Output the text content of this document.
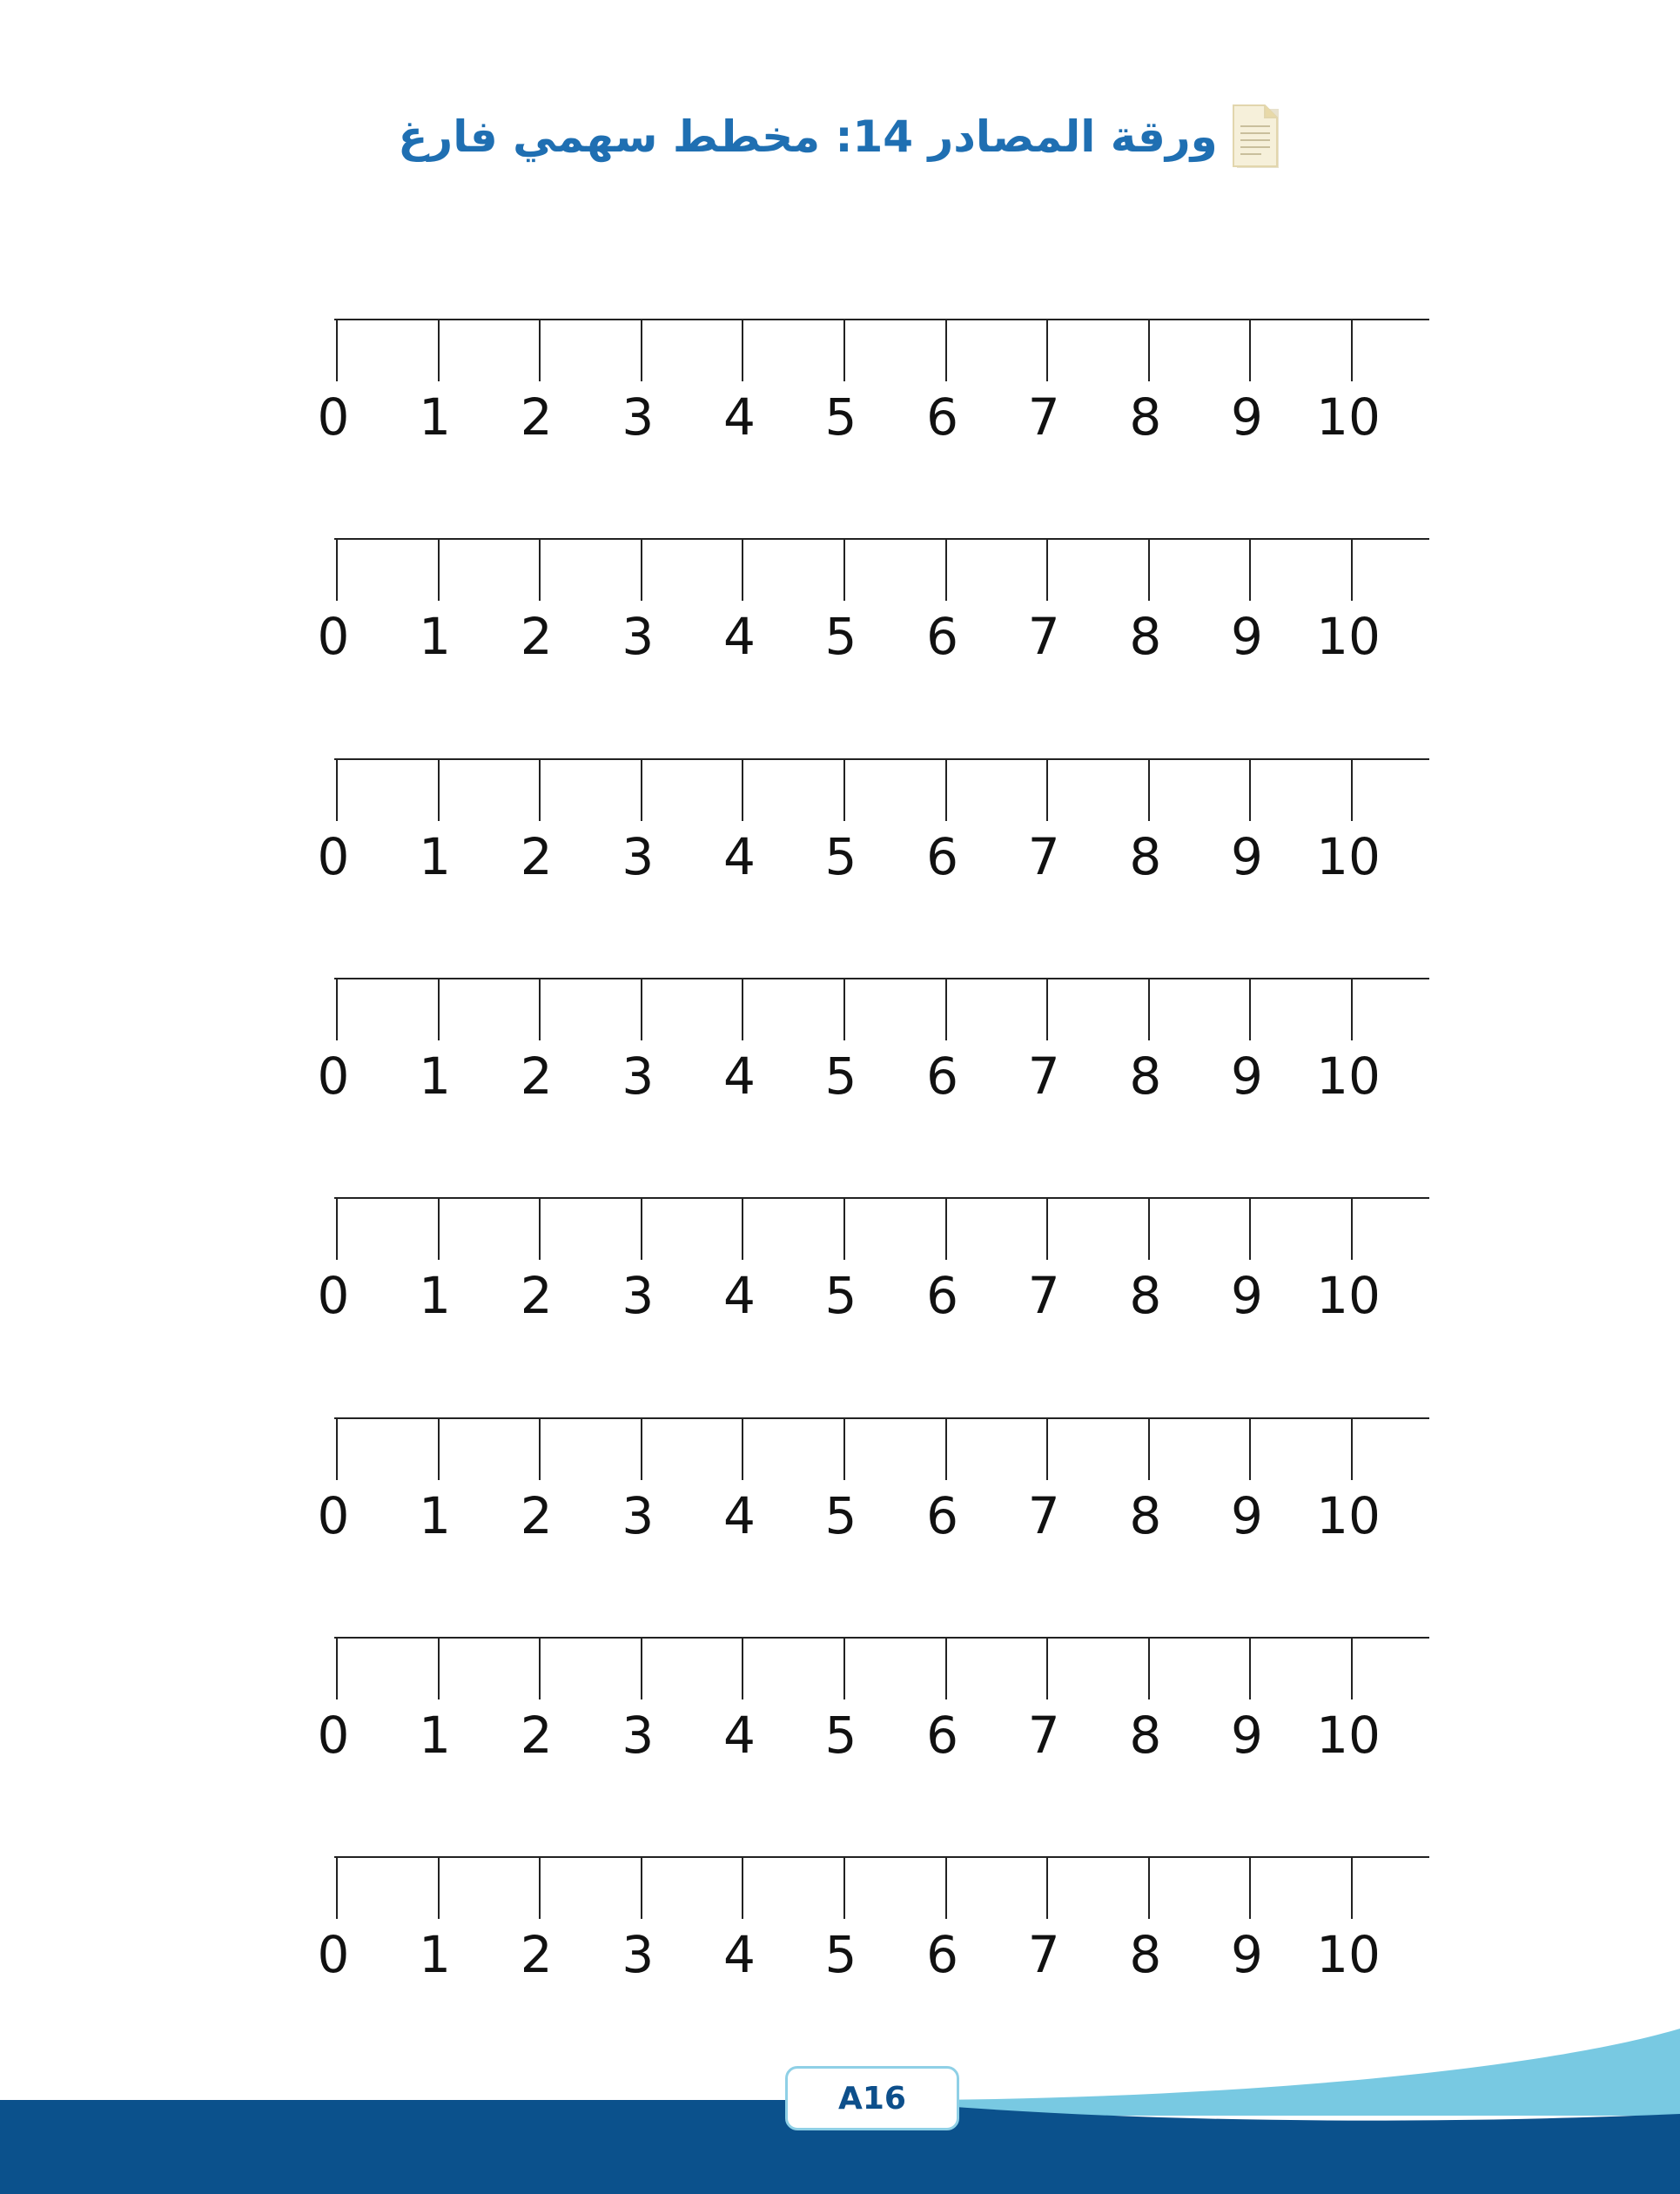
ورقة المصادر 14: مخطط سهمي فارغ
0	1	2	3	4	5	6	7	8	9	10
0	1	2	3	4	5	6	7	8	9	10
0	1	2	3	4	5	6	7	8	9	10
0	1	2	3	4	5	6	7	8	9	10
0	1	2	3	4	5	6	7	8	9	10
0	1	2	3	4	5	6	7	8	9	10
0	1	2	3	4	5	6	7	8	9	10
0	1	2	3	4	5	6	7	8	9	10
A16
